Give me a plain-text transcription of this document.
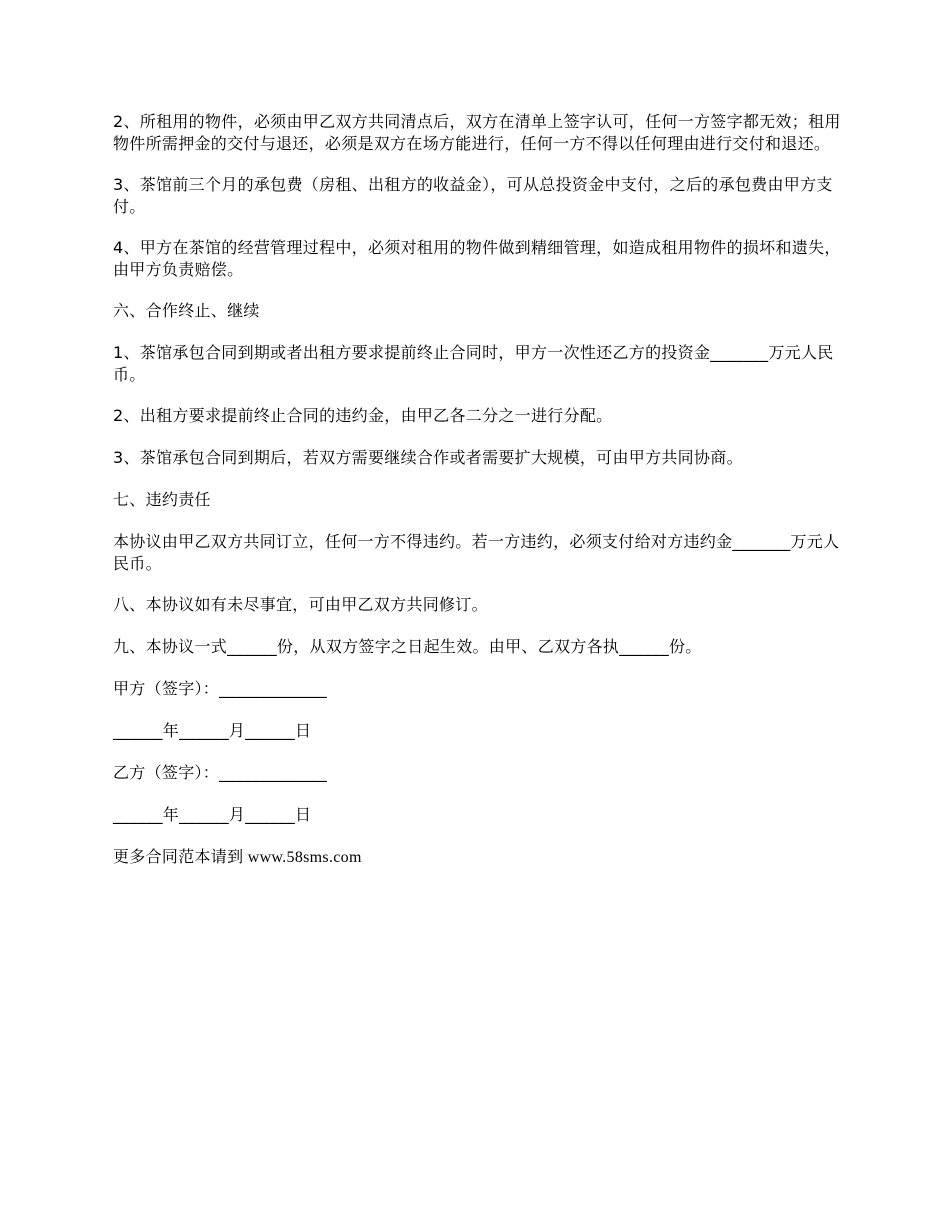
2、所租用的物件，必须由甲乙双方共同清点后，双方在清单上签字认可，任何一方签字都无效；租用物件所需押金的交付与退还，必须是双方在场方能进行，任何一方不得以任何理由进行交付和退还。

3、茶馆前三个月的承包费（房租、出租方的收益金），可从总投资金中支付，之后的承包费由甲方支付。

4、甲方在茶馆的经营管理过程中，必须对租用的物件做到精细管理，如造成租用物件的损坏和遗失，由甲方负责赔偿。

六、合作终止、继续

1、茶馆承包合同到期或者出租方要求提前终止合同时，甲方一次性还乙方的投资金_______万元人民币。

2、出租方要求提前终止合同的违约金，由甲乙各二分之一进行分配。

3、茶馆承包合同到期后，若双方需要继续合作或者需要扩大规模，可由甲方共同协商。

七、违约责任

本协议由甲乙双方共同订立，任何一方不得违约。若一方违约，必须支付给对方违约金_______万元人民币。

八、本协议如有未尽事宜，可由甲乙双方共同修订。

九、本协议一式______份，从双方签字之日起生效。由甲、乙双方各执______份。

甲方（签字）：_____________

______年______月______日

乙方（签字）：_____________

______年______月______日

更多合同范本请到 www.58sms.com
